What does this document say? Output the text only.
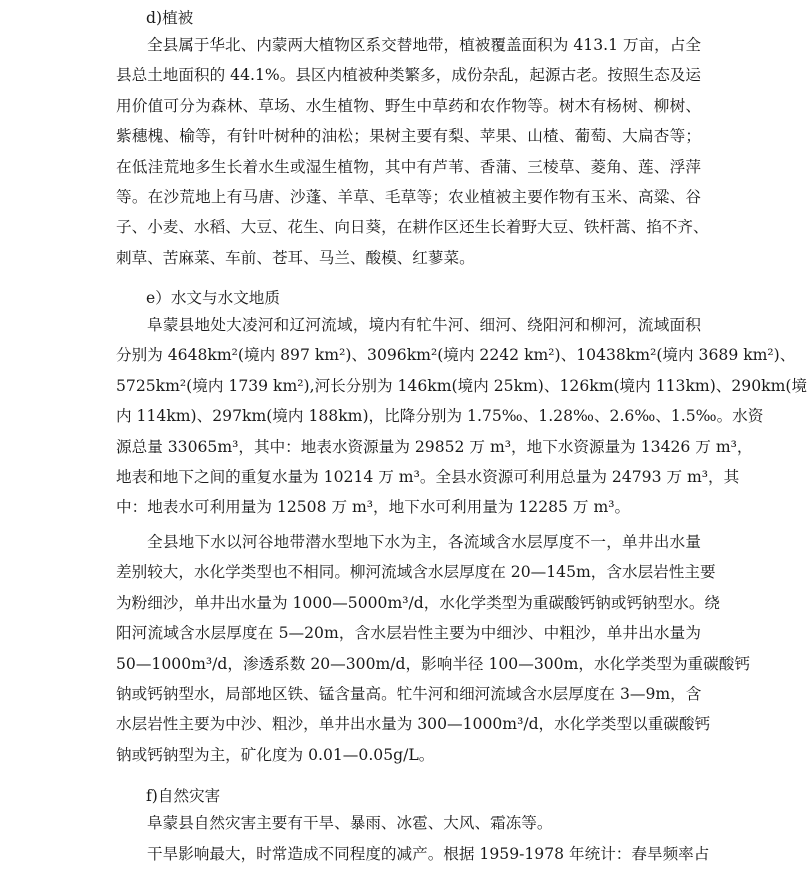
d)植被
全县属于华北、内蒙两大植物区系交替地带，植被覆盖面积为 413.1 万亩，占全
县总土地面积的 44.1%。县区内植被种类繁多，成份杂乱，起源古老。按照生态及运
用价值可分为森林、草场、水生植物、野生中草药和农作物等。树木有杨树、柳树、
紫穗槐、榆等，有针叶树种的油松；果树主要有梨、苹果、山楂、葡萄、大扁杏等；
在低洼荒地多生长着水生或湿生植物，其中有芦苇、香蒲、三棱草、菱角、莲、浮萍
等。在沙荒地上有马唐、沙蓬、羊草、毛草等；农业植被主要作物有玉米、高粱、谷
子、小麦、水稻、大豆、花生、向日葵，在耕作区还生长着野大豆、铁杆蒿、掐不齐、
刺草、苦麻菜、车前、苍耳、马兰、酸模、红蓼菜。
e）水文与水文地质
阜蒙县地处大凌河和辽河流域，境内有牤牛河、细河、绕阳河和柳河，流域面积
分别为 4648km²(境内 897 km²)、3096km²(境内 2242 km²)、10438km²(境内 3689 km²)、
5725km²(境内 1739 km²),河长分别为 146km(境内 25km)、126km(境内 113km)、290km(境
内 114km)、297km(境内 188km)，比降分别为 1.75‰、1.28‰、2.6‰、1.5‰。水资
源总量 33065m³，其中：地表水资源量为 29852 万 m³，地下水资源量为 13426 万 m³，
地表和地下之间的重复水量为 10214 万 m³。全县水资源可利用总量为 24793 万 m³，其
中：地表水可利用量为 12508 万 m³，地下水可利用量为 12285 万 m³。
全县地下水以河谷地带潜水型地下水为主，各流域含水层厚度不一，单井出水量
差别较大，水化学类型也不相同。柳河流域含水层厚度在 20—145m，含水层岩性主要
为粉细沙，单井出水量为 1000—5000m³/d，水化学类型为重碳酸钙钠或钙钠型水。绕
阳河流域含水层厚度在 5—20m，含水层岩性主要为中细沙、中粗沙，单井出水量为
50—1000m³/d，渗透系数 20—300m/d，影响半径 100—300m，水化学类型为重碳酸钙
钠或钙钠型水，局部地区铁、锰含量高。牤牛河和细河流域含水层厚度在 3—9m，含
水层岩性主要为中沙、粗沙，单井出水量为 300—1000m³/d，水化学类型以重碳酸钙
钠或钙钠型为主，矿化度为 0.01—0.05g/L。
f)自然灾害
阜蒙县自然灾害主要有干旱、暴雨、冰雹、大风、霜冻等。
干旱影响最大，时常造成不同程度的减产。根据 1959-1978 年统计：春旱频率占
